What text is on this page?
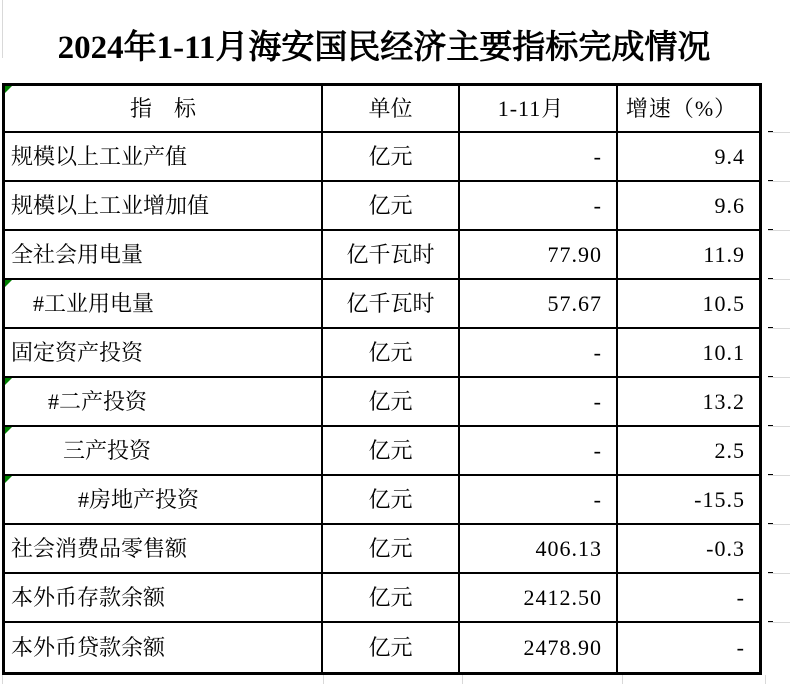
2024年1-11月海安国民经济主要指标完成情况
指　标	单位	1-11月	增速（%）
规模以上工业产值	亿元	-	9.4
规模以上工业增加值	亿元	-	9.6
全社会用电量	亿千瓦时	77.90	11.9
#工业用电量	亿千瓦时	57.67	10.5
固定资产投资	亿元	-	10.1
#二产投资	亿元	-	13.2
三产投资	亿元	-	2.5
#房地产投资	亿元	-	-15.5
社会消费品零售额	亿元	406.13	-0.3
本外币存款余额	亿元	2412.50	-
本外币贷款余额	亿元	2478.90	-
